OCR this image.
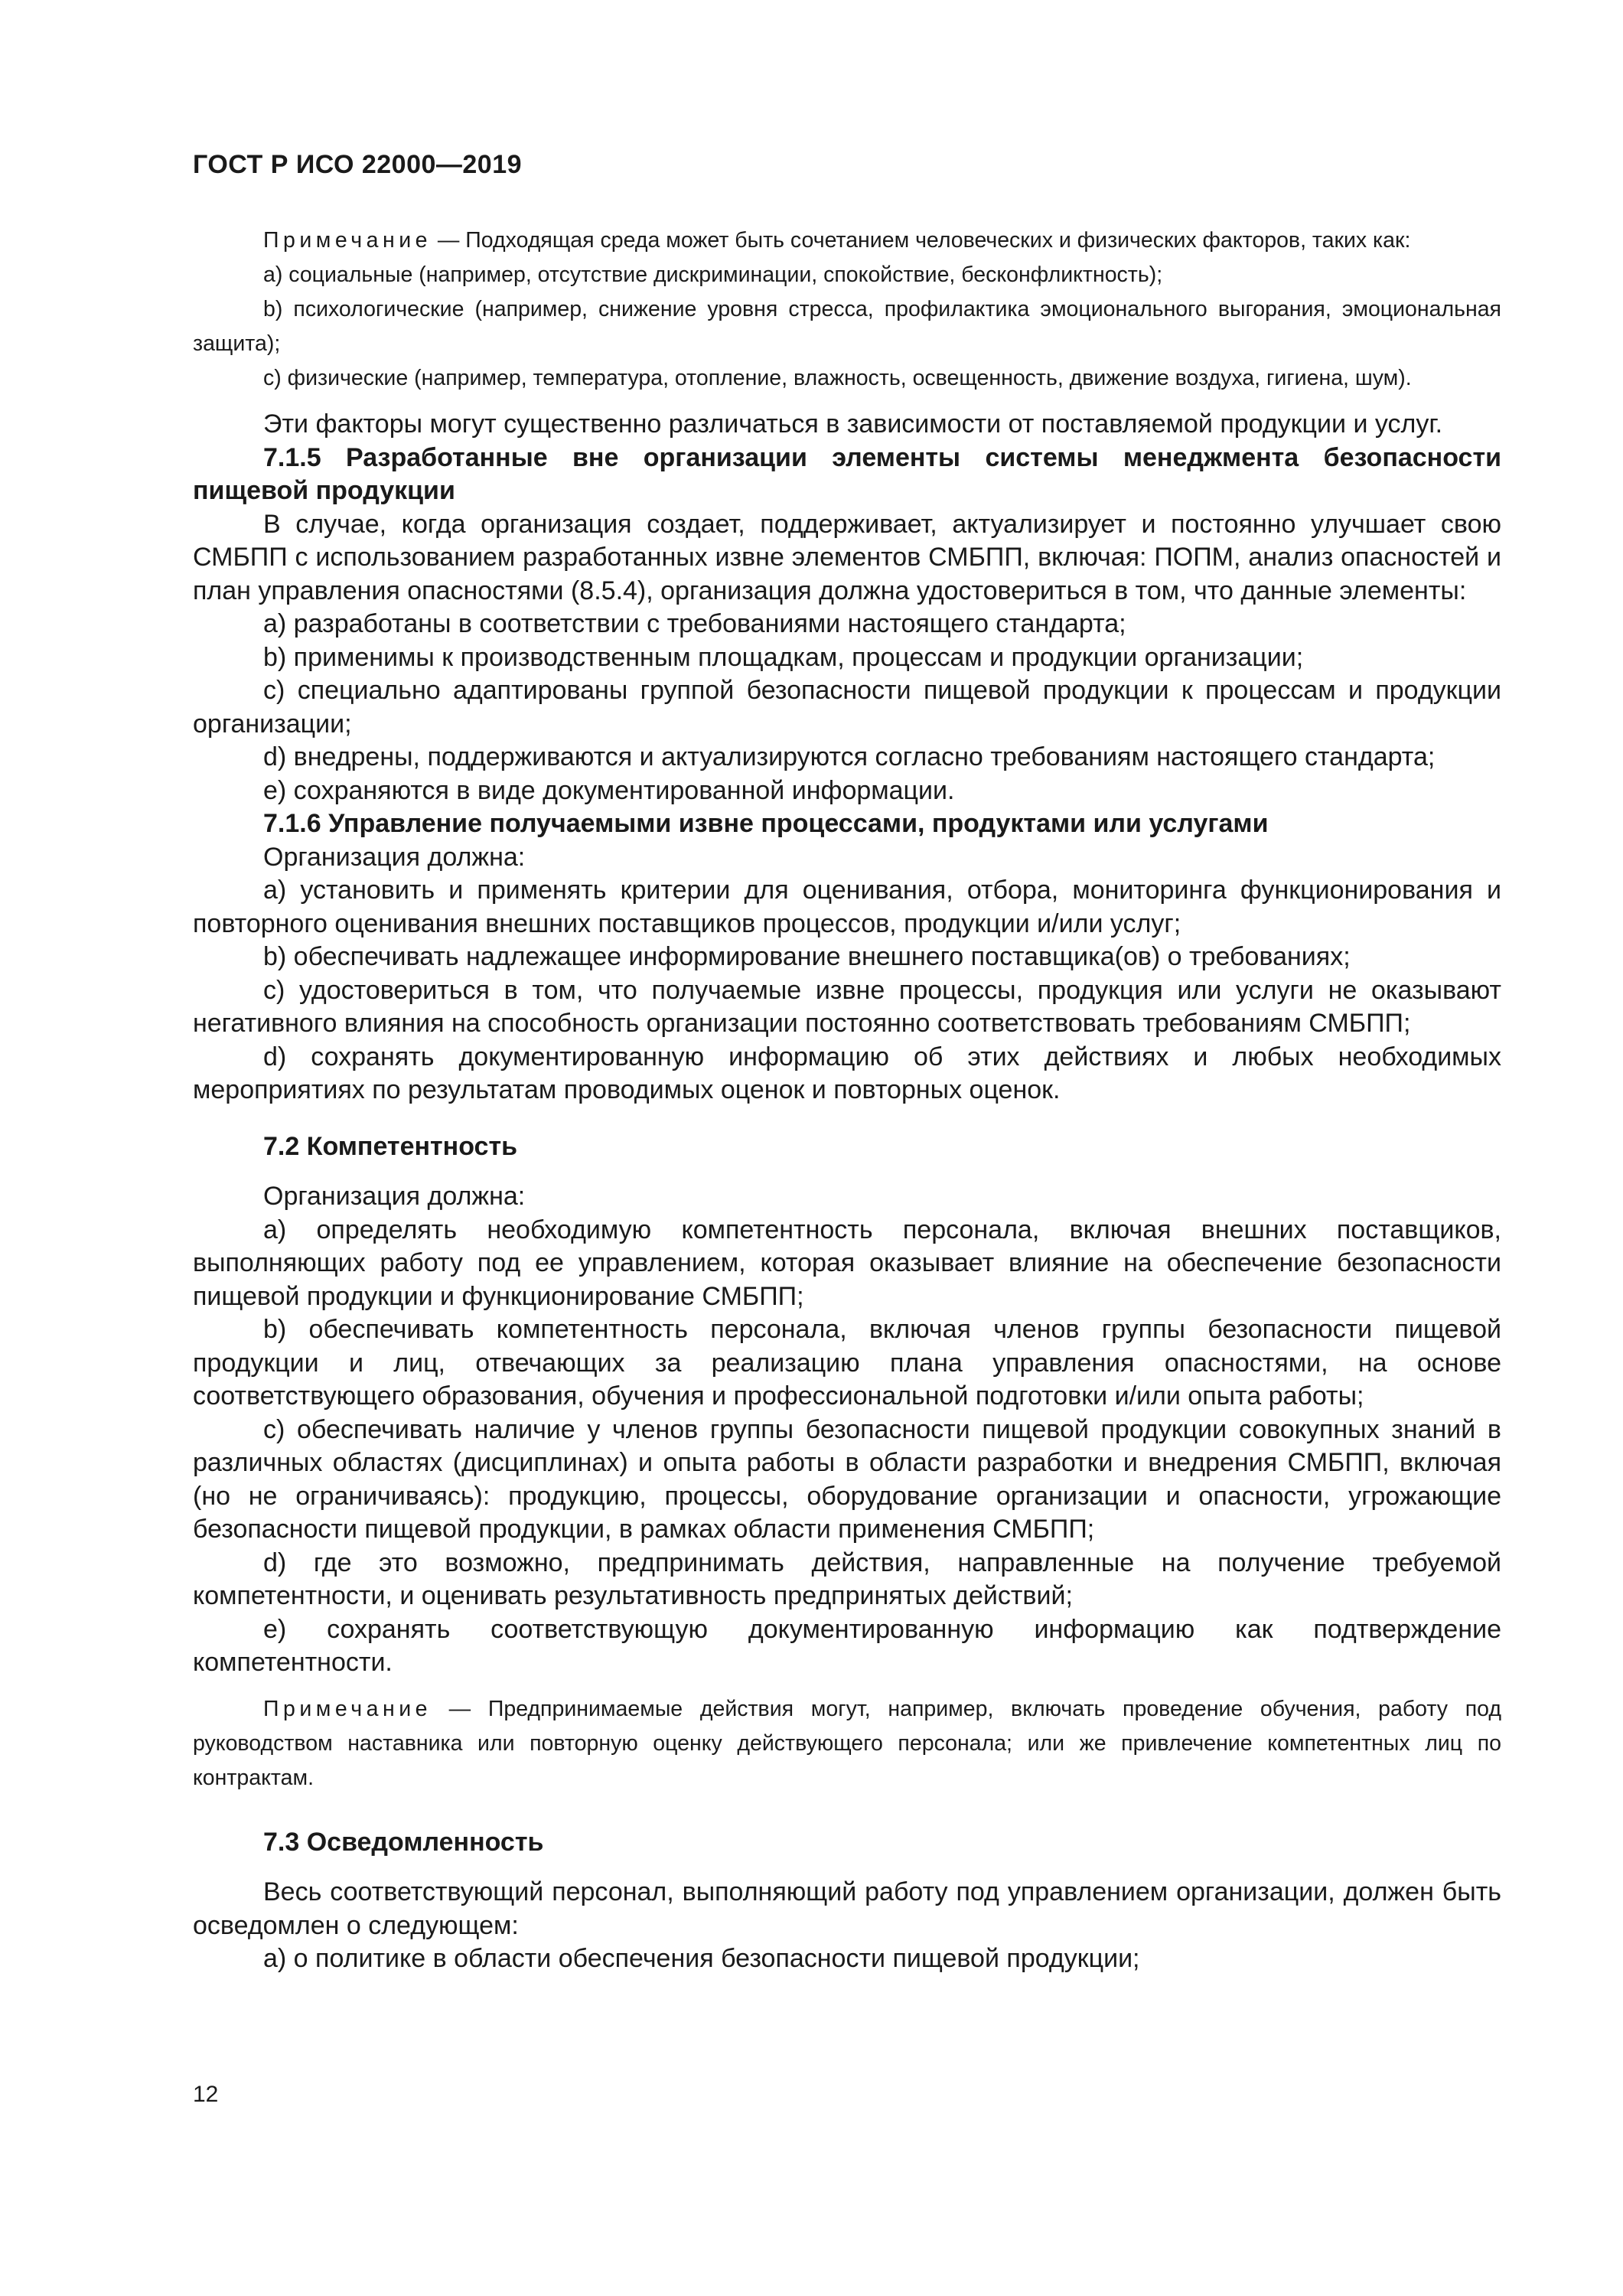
ГОСТ Р ИСО 22000—2019

Примечание — Подходящая среда может быть сочетанием человеческих и физических факторов, таких как:

a) социальные (например, отсутствие дискриминации, спокойствие, бесконфликтность);

b) психологические (например, снижение уровня стресса, профилактика эмоционального выгорания, эмоциональная защита);

c) физические (например, температура, отопление, влажность, освещенность, движение воздуха, гигиена, шум).

Эти факторы могут существенно различаться в зависимости от поставляемой продукции и услуг.

7.1.5 Разработанные вне организации элементы системы менеджмента безопасности пищевой продукции

В случае, когда организация создает, поддерживает, актуализирует и постоянно улучшает свою СМБПП с использованием разработанных извне элементов СМБПП, включая: ПОПМ, анализ опасностей и план управления опасностями (8.5.4), организация должна удостовериться в том, что данные элементы:

a) разработаны в соответствии с требованиями настоящего стандарта;

b) применимы к производственным площадкам, процессам и продукции организации;

c) специально адаптированы группой безопасности пищевой продукции к процессам и продукции организации;

d) внедрены, поддерживаются и актуализируются согласно требованиям настоящего стандарта;

e) сохраняются в виде документированной информации.

7.1.6 Управление получаемыми извне процессами, продуктами или услугами

Организация должна:

a) установить и применять критерии для оценивания, отбора, мониторинга функционирования и повторного оценивания внешних поставщиков процессов, продукции и/или услуг;

b) обеспечивать надлежащее информирование внешнего поставщика(ов) о требованиях;

c) удостовериться в том, что получаемые извне процессы, продукция или услуги не оказывают негативного влияния на способность организации постоянно соответствовать требованиям СМБПП;

d) сохранять документированную информацию об этих действиях и любых необходимых мероприятиях по результатам проводимых оценок и повторных оценок.

7.2 Компетентность

Организация должна:

a) определять необходимую компетентность персонала, включая внешних поставщиков, выполняющих работу под ее управлением, которая оказывает влияние на обеспечение безопасности пищевой продукции и функционирование СМБПП;

b) обеспечивать компетентность персонала, включая членов группы безопасности пищевой продукции и лиц, отвечающих за реализацию плана управления опасностями, на основе соответствующего образования, обучения и профессиональной подготовки и/или опыта работы;

c) обеспечивать наличие у членов группы безопасности пищевой продукции совокупных знаний в различных областях (дисциплинах) и опыта работы в области разработки и внедрения СМБПП, включая (но не ограничиваясь): продукцию, процессы, оборудование организации и опасности, угрожающие безопасности пищевой продукции, в рамках области применения СМБПП;

d) где это возможно, предпринимать действия, направленные на получение требуемой компетентности, и оценивать результативность предпринятых действий;

e) сохранять соответствующую документированную информацию как подтверждение компетентности.

Примечание — Предпринимаемые действия могут, например, включать проведение обучения, работу под руководством наставника или повторную оценку действующего персонала; или же привлечение компетентных лиц по контрактам.

7.3 Осведомленность

Весь соответствующий персонал, выполняющий работу под управлением организации, должен быть осведомлен о следующем:

a) о политике в области обеспечения безопасности пищевой продукции;

12
